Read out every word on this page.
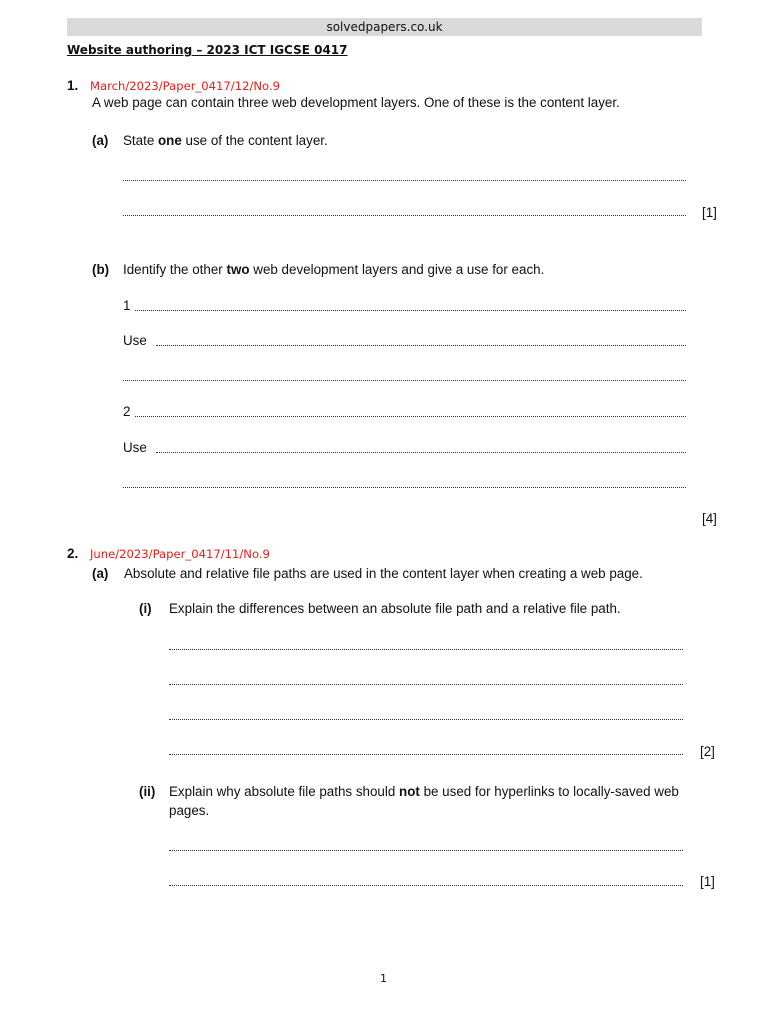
solvedpapers.co.uk
Website authoring – 2023 ICT IGCSE 0417
1. March/2023/Paper_0417/12/No.9
A web page can contain three web development layers. One of these is the content layer.
(a) State one use of the content layer.
[1]
(b) Identify the other two web development layers and give a use for each.
1
Use
2
Use
[4]
2. June/2023/Paper_0417/11/No.9
(a) Absolute and relative file paths are used in the content layer when creating a web page.
(i) Explain the differences between an absolute file path and a relative file path.
[2]
(ii) Explain why absolute file paths should not be used for hyperlinks to locally-saved web
pages.
[1]
1
